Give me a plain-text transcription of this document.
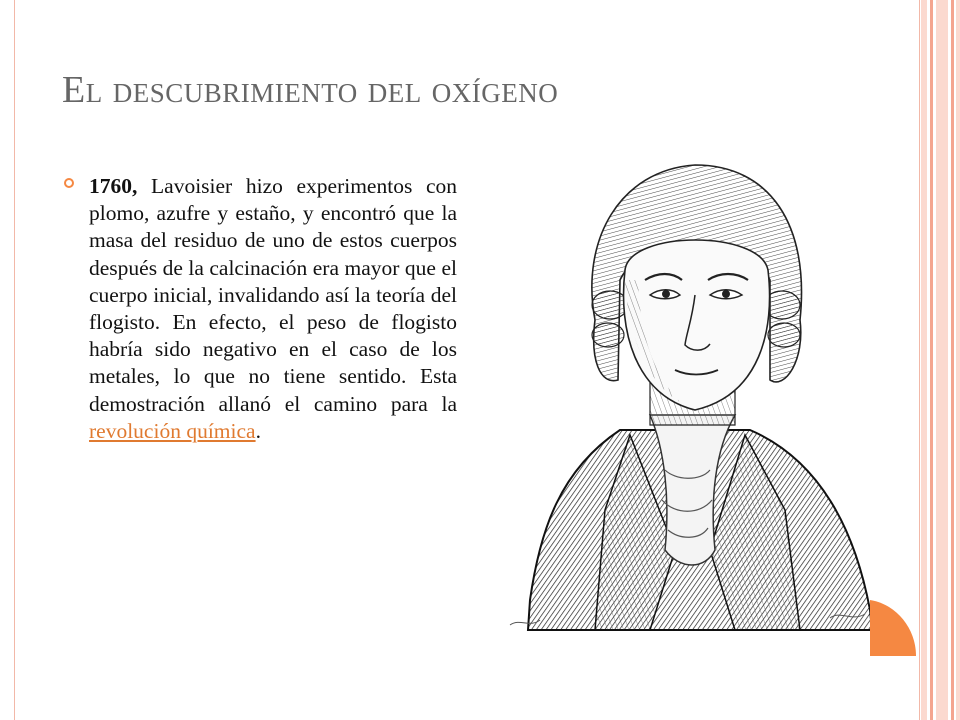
El descubrimiento del oxígeno

1760, Lavoisier hizo experimentos con plomo, azufre y estaño, y encontró que la masa del residuo de uno de estos cuerpos después de la calcinación era mayor que el cuerpo inicial, invalidando así la teoría del flogisto. En efecto, el peso de flogisto habría sido negativo en el caso de los metales, lo que no tiene sentido. Esta demostración allanó el camino para la revolución química.
